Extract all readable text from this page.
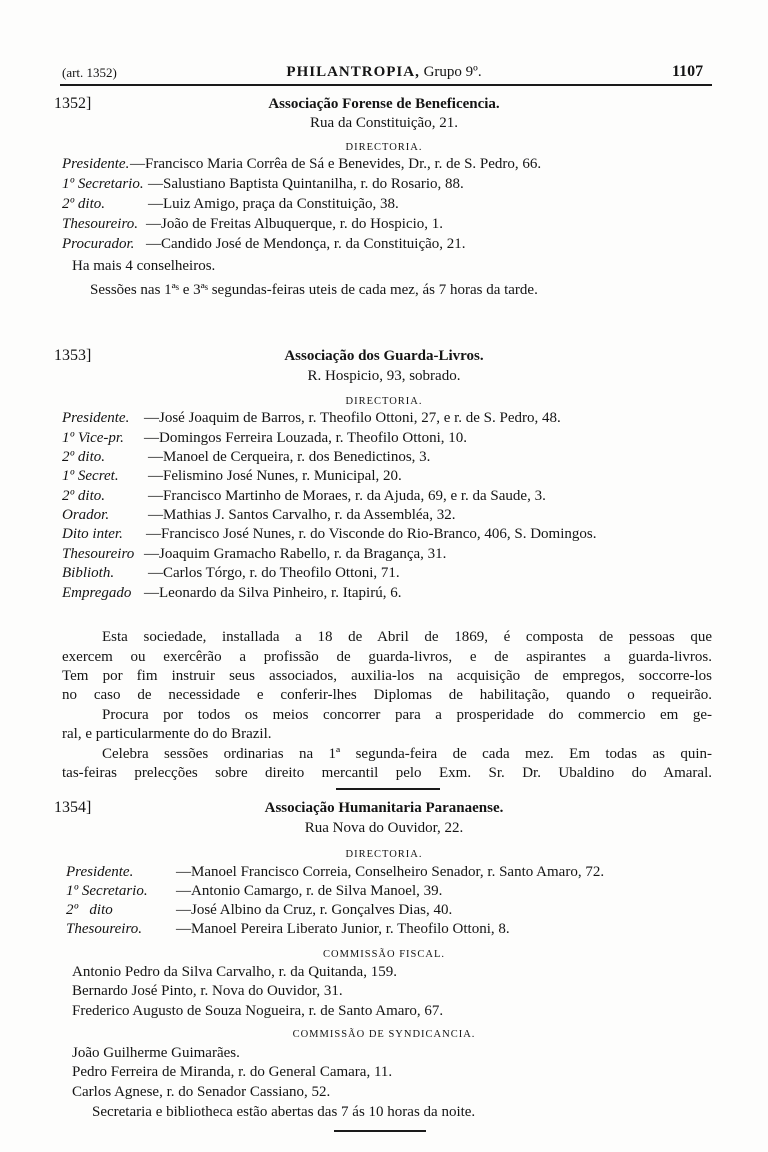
(art. 1352)	PHILANTROPIA, Grupo 9º.	1107
1352]	Associação Forense de Beneficencia.
Rua da Constituição, 21.
DIRECTORIA.
Presidente. —Francisco Maria Corrêa de Sá e Benevides, Dr., r. de S. Pedro, 66.
1º Secretario. —Salustiano Baptista Quintanilha, r. do Rosario, 88.
2º dito.	—Luiz Amigo, praça da Constituição, 38.
Thesoureiro. —João de Freitas Albuquerque, r. do Hospicio, 1.
Procurador. —Candido José de Mendonça, r. da Constituição, 21.
Ha mais 4 conselheiros.
Sessões nas 1ªˢ e 3ªˢ segundas-feiras uteis de cada mez, ás 7 horas da tarde.
1353]	Associação dos Guarda-Livros.
R. Hospicio, 93, sobrado.
DIRECTORIA.
Presidente. —José Joaquim de Barros, r. Theofilo Ottoni, 27, e r. de S. Pedro, 48.
1º Vice-pr. —Domingos Ferreira Louzada, r. Theofilo Ottoni, 10.
2º dito.	—Manoel de Cerqueira, r. dos Benedictinos, 3.
1º Secret. —Felismino José Nunes, r. Municipal, 20.
2º dito.	—Francisco Martinho de Moraes, r. da Ajuda, 69, e r. da Saude, 3.
Orador.	—Mathias J. Santos Carvalho, r. da Assembléa, 32.
Dito inter. —Francisco José Nunes, r. do Visconde do Rio-Branco, 406, S. Domingos.
Thesoureiro —Joaquim Gramacho Rabello, r. da Bragança, 31.
Biblioth. —Carlos Tórgo, r. do Theofilo Ottoni, 71.
Empregado —Leonardo da Silva Pinheiro, r. Itapirú, 6.
Esta sociedade, installada a 18 de Abril de 1869, é composta de pessoas que
exercem ou exercêrão a profissão de guarda-livros, e de aspirantes a guarda-livros.
Tem por fim instruir seus associados, auxilia-los na acquisição de empregos, soccorre-los
no caso de necessidade e conferir-lhes Diplomas de habilitação, quando o requeirão.
Procura por todos os meios concorrer para a prosperidade do commercio em ge-
ral, e particularmente do do Brazil.
Celebra sessões ordinarias na 1ª segunda-feira de cada mez. Em todas as quin-
tas-feiras prelecções sobre direito mercantil pelo Exm. Sr. Dr. Ubaldino do Amaral.
1354]	Associação Humanitaria Paranaense.
Rua Nova do Ouvidor, 22.
DIRECTORIA.
Presidente.	—Manoel Francisco Correia, Conselheiro Senador, r. Santo Amaro, 72.
1º Secretario. —Antonio Camargo, r. de Silva Manoel, 39.
2º   dito	—José Albino da Cruz, r. Gonçalves Dias, 40.
Thesoureiro. —Manoel Pereira Liberato Junior, r. Theofilo Ottoni, 8.
COMMISSÃO FISCAL.
Antonio Pedro da Silva Carvalho, r. da Quitanda, 159.
Bernardo José Pinto, r. Nova do Ouvidor, 31.
Frederico Augusto de Souza Nogueira, r. de Santo Amaro, 67.
COMMISSÃO DE SYNDICANCIA.
João Guilherme Guimarães.
Pedro Ferreira de Miranda, r. do General Camara, 11.
Carlos Agnese, r. do Senador Cassiano, 52.
Secretaria e bibliotheca estão abertas das 7 ás 10 horas da noite.
